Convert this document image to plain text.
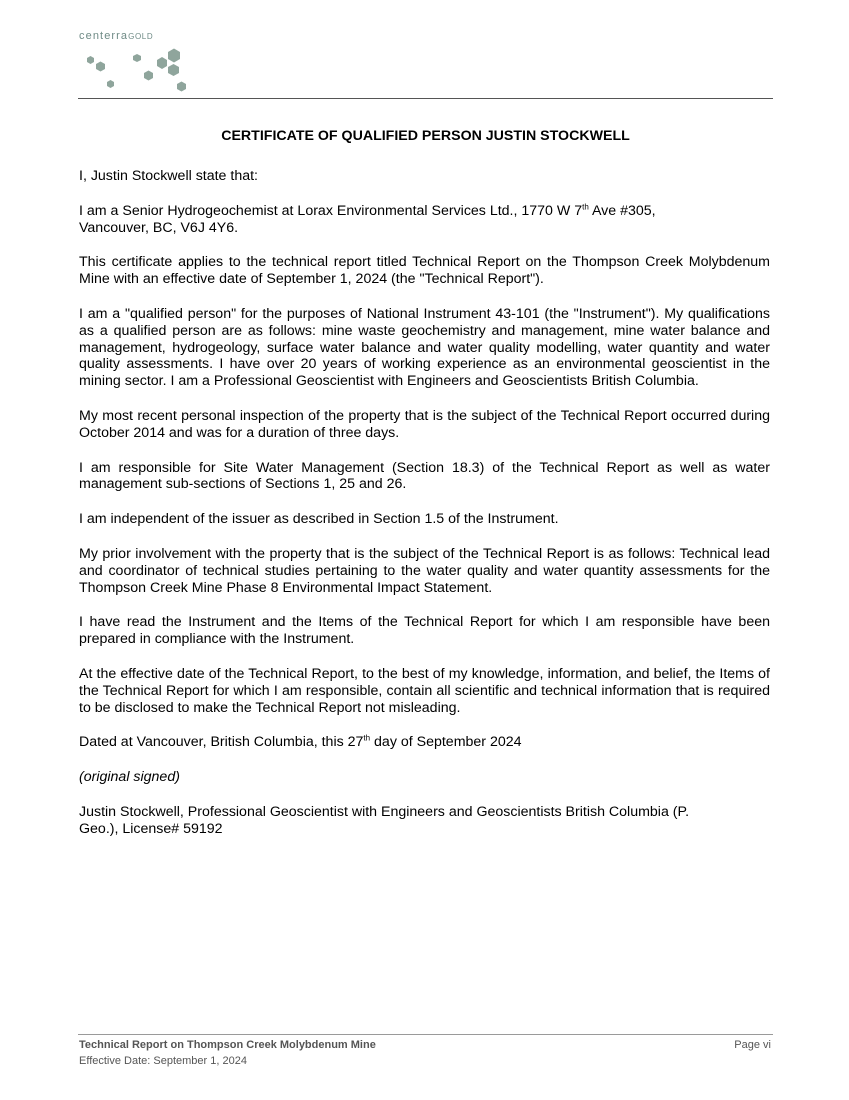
centerraGOLD
CERTIFICATE OF QUALIFIED PERSON JUSTIN STOCKWELL

I, Justin Stockwell state that:

I am a Senior Hydrogeochemist at Lorax Environmental Services Ltd., 1770 W 7th Ave #305,
Vancouver, BC, V6J 4Y6.

This certificate applies to the technical report titled Technical Report on the Thompson Creek Molybdenum Mine with an effective date of September 1, 2024 (the "Technical Report").

I am a "qualified person" for the purposes of National Instrument 43-101 (the "Instrument"). My qualifications as a qualified person are as follows: mine waste geochemistry and management, mine water balance and management, hydrogeology, surface water balance and water quality modelling, water quantity and water quality assessments. I have over 20 years of working experience as an environmental geoscientist in the mining sector. I am a Professional Geoscientist with Engineers and Geoscientists British Columbia.

My most recent personal inspection of the property that is the subject of the Technical Report occurred during October 2014 and was for a duration of three days.

I am responsible for Site Water Management (Section 18.3) of the Technical Report as well as water management sub-sections of Sections 1, 25 and 26.

I am independent of the issuer as described in Section 1.5 of the Instrument.

My prior involvement with the property that is the subject of the Technical Report is as follows: Technical lead and coordinator of technical studies pertaining to the water quality and water quantity assessments for the Thompson Creek Mine Phase 8 Environmental Impact Statement.

I have read the Instrument and the Items of the Technical Report for which I am responsible have been prepared in compliance with the Instrument.

At the effective date of the Technical Report, to the best of my knowledge, information, and belief, the Items of the Technical Report for which I am responsible, contain all scientific and technical information that is required to be disclosed to make the Technical Report not misleading.

Dated at Vancouver, British Columbia, this 27th day of September 2024

(original signed)

Justin Stockwell, Professional Geoscientist with Engineers and Geoscientists British Columbia (P.
Geo.), License# 59192

Technical Report on Thompson Creek Molybdenum Mine
Effective Date: September 1, 2024
Page vi
